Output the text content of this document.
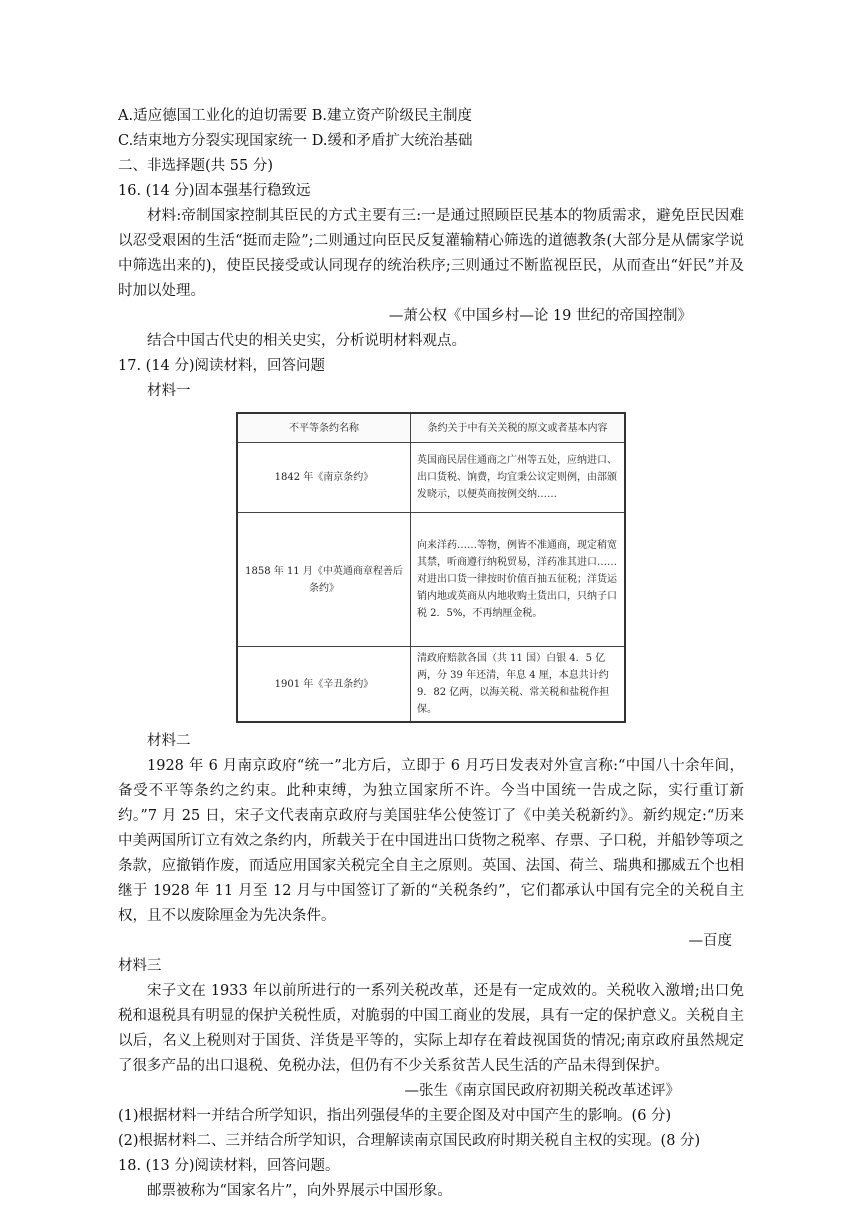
A.适应德国工业化的迫切需要 B.建立资产阶级民主制度
C.结束地方分裂实现国家统一 D.缓和矛盾扩大统治基础
二、非选择题(共 55 分)
16. (14 分)固本强基行稳致远
材料:帝制国家控制其臣民的方式主要有三:一是通过照顾臣民基本的物质需求，避免臣民因难以忍受艰困的生活“挺而走险”;二则通过向臣民反复灌输精心筛选的道德教条(大部分是从儒家学说中筛选出来的)，使臣民接受或认同现存的统治秩序;三则通过不断监视臣民，从而查出“奸民”并及时加以处理。
—萧公权《中国乡村—论 19 世纪的帝国控制》
结合中国古代史的相关史实，分析说明材料观点。
17. (14 分)阅读材料，回答问题
材料一
不平等条约名称	条约关于中有关关税的原文或者基本内容
1842 年《南京条约》	英国商民居住通商之广州等五处，应纳进口、出口货税、饷费，均宜秉公议定则例，由部颁发晓示，以便英商按例交纳……
1858 年 11 月《中英通商章程善后条约》	向来洋药……等物，例皆不准通商，现定稍宽其禁，听商遵行纳税贸易，洋药准其进口……对进出口货一律按时价值百抽五征税；洋货运销内地或英商从内地收购土货出口，只纳子口税 2．5%，不再纳厘金税。
1901 年《辛丑条约》	清政府赔款各国（共 11 国）白银 4．5 亿两，分 39 年还清，年息 4 厘，本息共计约 9．82 亿两，以海关税、常关税和盐税作担保。
材料二
1928 年 6 月南京政府“统一”北方后，立即于 6 月巧日发表对外宣言称:“中国八十余年间，备受不平等条约之约束。此种束缚，为独立国家所不许。今当中国统一告成之际，实行重订新约。”7 月 25 日，宋子文代表南京政府与美国驻华公使签订了《中美关税新约》。新约规定:“历来中美两国所订立有效之条约内，所载关于在中国进出口货物之税率、存票、子口税，并船钞等项之条款，应撤销作废，而适应用国家关税完全自主之原则。英国、法国、荷兰、瑞典和挪威五个也相继于 1928 年 11 月至 12 月与中国签订了新的“关税条约”，它们都承认中国有完全的关税自主权，且不以废除厘金为先决条件。
—百度
材料三
宋子文在 1933 年以前所进行的一系列关税改革，还是有一定成效的。关税收入激增;出口免税和退税具有明显的保护关税性质，对脆弱的中国工商业的发展，具有一定的保护意义。关税自主以后，名义上税则对于国货、洋货是平等的，实际上却存在着歧视国货的情况;南京政府虽然规定了很多产品的出口退税、免税办法，但仍有不少关系贫苦人民生活的产品未得到保护。
—张生《南京国民政府初期关税改革述评》
(1)根据材料一并结合所学知识，指出列强侵华的主要企图及对中国产生的影响。(6 分)
(2)根据材料二、三并结合所学知识，合理解读南京国民政府时期关税自主权的实现。(8 分)
18. (13 分)阅读材料，回答问题。
邮票被称为“国家名片”，向外界展示中国形象。
